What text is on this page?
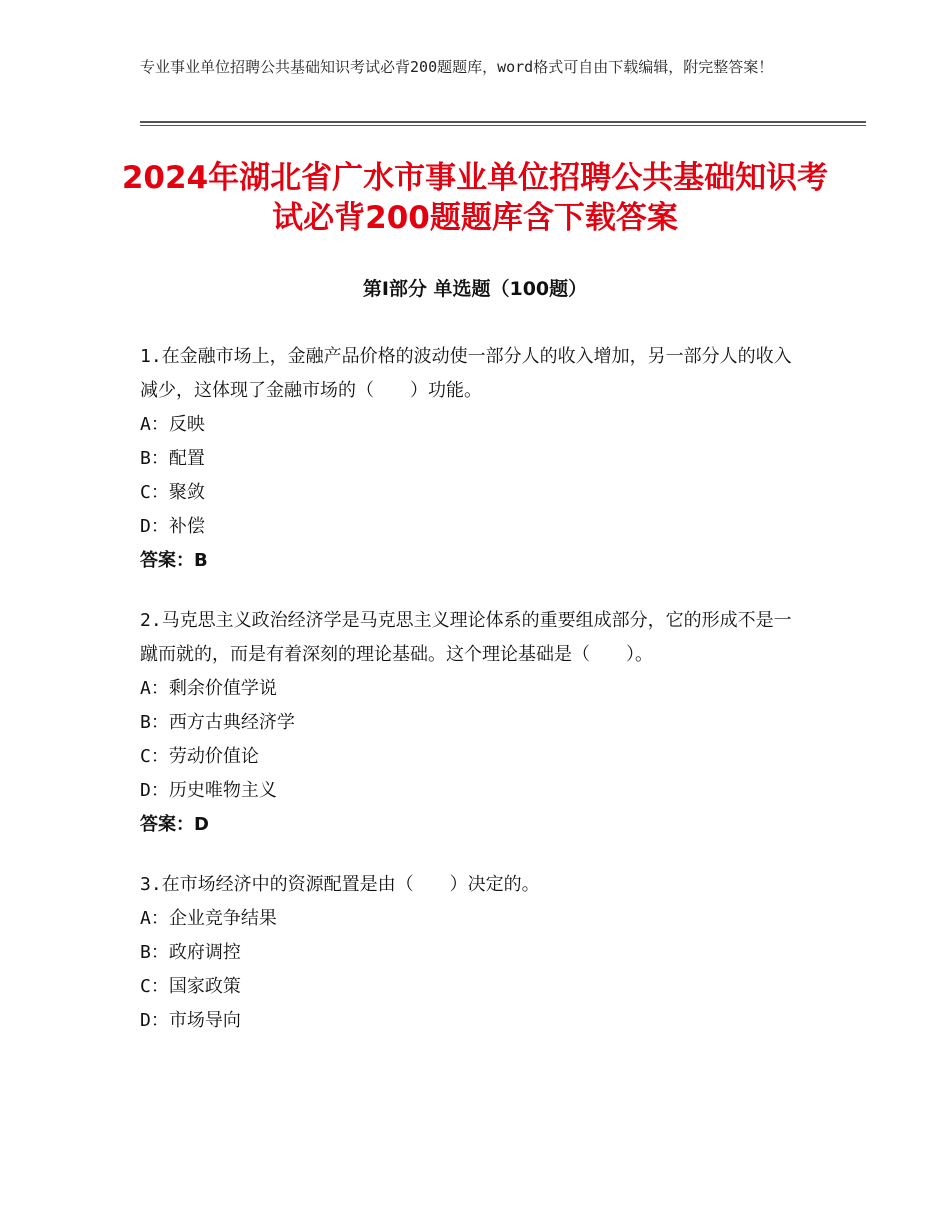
专业事业单位招聘公共基础知识考试必背200题题库，word格式可自由下载编辑，附完整答案！
2024年湖北省广水市事业单位招聘公共基础知识考试必背200题题库含下载答案
第Ⅰ部分 单选题（100题）

1.在金融市场上，金融产品价格的波动使一部分人的收入增加，另一部分人的收入减少，这体现了金融市场的（　　）功能。

A：反映

B：配置

C：聚敛

D：补偿

答案：B

2.马克思主义政治经济学是马克思主义理论体系的重要组成部分，它的形成不是一蹴而就的，而是有着深刻的理论基础。这个理论基础是（　　）。

A：剩余价值学说

B：西方古典经济学

C：劳动价值论

D：历史唯物主义

答案：D

3.在市场经济中的资源配置是由（　　）决定的。

A：企业竞争结果

B：政府调控

C：国家政策

D：市场导向
